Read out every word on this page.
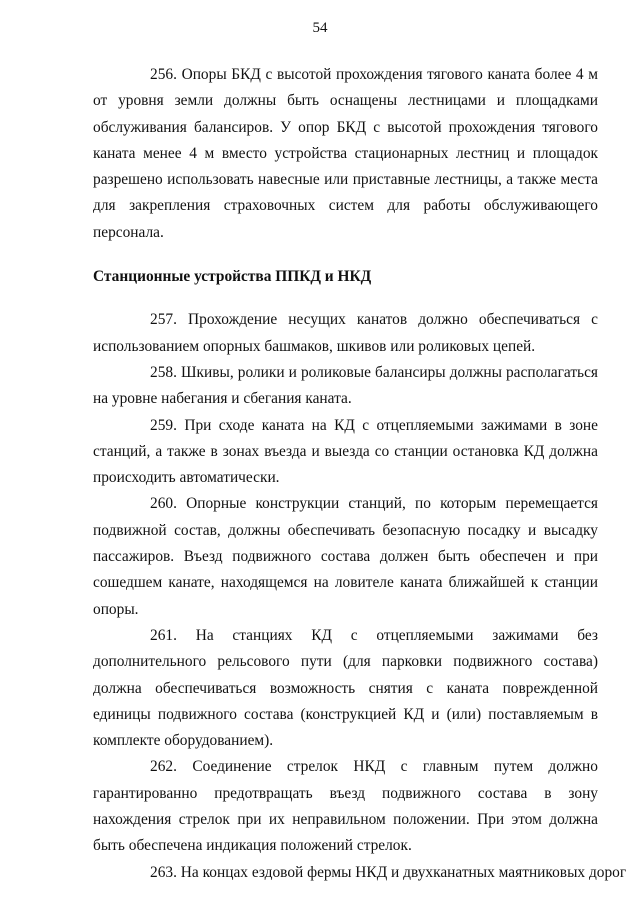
54

256. Опоры БКД с высотой прохождения тягового каната более 4 м от уровня земли должны быть оснащены лестницами и площадками обслуживания балансиров. У опор БКД с высотой прохождения тягового каната менее 4 м вместо устройства стационарных лестниц и площадок разрешено использовать навесные или приставные лестницы, а также места для закрепления страховочных систем для работы обслуживающего персонала.

Станционные устройства ППКД и НКД

257. Прохождение несущих канатов должно обеспечиваться с использованием опорных башмаков, шкивов или роликовых цепей.

258. Шкивы, ролики и роликовые балансиры должны располагаться на уровне набегания и сбегания каната.

259. При сходе каната на КД с отцепляемыми зажимами в зоне станций, а также в зонах въезда и выезда со станции остановка КД должна происходить автоматически.

260. Опорные конструкции станций, по которым перемещается подвижной состав, должны обеспечивать безопасную посадку и высадку пассажиров. Въезд подвижного состава должен быть обеспечен и при сошедшем канате, находящемся на ловителе каната ближайшей к станции опоры.

261. На станциях КД с отцепляемыми зажимами без дополнительного рельсового пути (для парковки подвижного состава) должна обеспечиваться возможность снятия с каната поврежденной единицы подвижного состава (конструкцией КД и (или) поставляемым в комплекте оборудованием).

262. Соединение стрелок НКД с главным путем должно гарантированно предотвращать въезд подвижного состава в зону нахождения стрелок при их неправильном положении. При этом должна быть обеспечена индикация положений стрелок.

263. На концах ездовой фермы НКД и двухканатных маятниковых дорог
